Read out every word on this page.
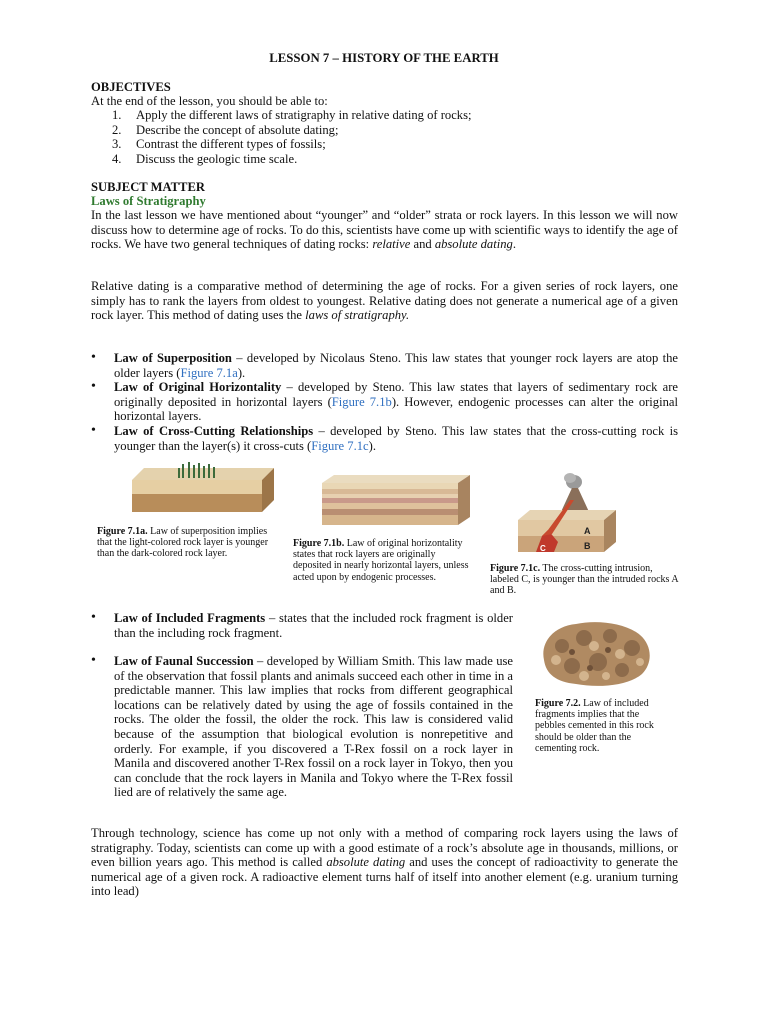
LESSON 7 – HISTORY OF THE EARTH
OBJECTIVES
At the end of the lesson, you should be able to:
1. Apply the different laws of stratigraphy in relative dating of rocks;
2. Describe the concept of absolute dating;
3. Contrast the different types of fossils;
4. Discuss the geologic time scale.
SUBJECT MATTER
Laws of Stratigraphy

In the last lesson we have mentioned about “younger” and “older” strata or rock layers. In this lesson we will now discuss how to determine age of rocks. To do this, scientists have come up with scientific ways to identify the age of rocks. We have two general techniques of dating rocks: relative and absolute dating.

Relative dating is a comparative method of determining the age of rocks. For a given series of rock layers, one simply has to rank the layers from oldest to youngest. Relative dating does not generate a numerical age of a given rock layer. This method of dating uses the laws of stratigraphy.

• Law of Superposition – developed by Nicolaus Steno. This law states that younger rock layers are atop the older layers (Figure 7.1a).
• Law of Original Horizontality – developed by Steno. This law states that layers of sedimentary rock are originally deposited in horizontal layers (Figure 7.1b). However, endogenic processes can alter the original horizontal layers.
• Law of Cross-Cutting Relationships – developed by Steno. This law states that the cross-cutting rock is younger than the layer(s) it cross-cuts (Figure 7.1c).
Figure 7.1a. Law of superposition implies that the light-colored rock layer is younger than the dark-colored rock layer.
Figure 7.1b. Law of original horizontality states that rock layers are originally deposited in nearly horizontal layers, unless acted upon by endogenic processes.
A
B
C
Figure 7.1c. The cross-cutting intrusion, labeled C, is younger than the intruded rocks A and B.
• Law of Included Fragments – states that the included rock fragment is older than the including rock fragment.
• Law of Faunal Succession – developed by William Smith. This law made use of the observation that fossil plants and animals succeed each other in time in a predictable manner. This law implies that rocks from different geographical locations can be relatively dated by using the age of fossils contained in the rocks. The older the fossil, the older the rock. This law is considered valid because of the assumption that biological evolution is nonrepetitive and orderly. For example, if you discovered a T-Rex fossil on a rock layer in Manila and discovered another T-Rex fossil on a rock layer in Tokyo, then you can conclude that the rock layers in Manila and Tokyo where the T-Rex fossil lied are of relatively the same age.
Figure 7.2. Law of included fragments implies that the pebbles cemented in this rock should be older than the cementing rock.

Through technology, science has come up not only with a method of comparing rock layers using the laws of stratigraphy. Today, scientists can come up with a good estimate of a rock’s absolute age in thousands, millions, or even billion years ago. This method is called absolute dating and uses the concept of radioactivity to generate the numerical age of a given rock. A radioactive element turns half of itself into another element (e.g. uranium turning into lead)
